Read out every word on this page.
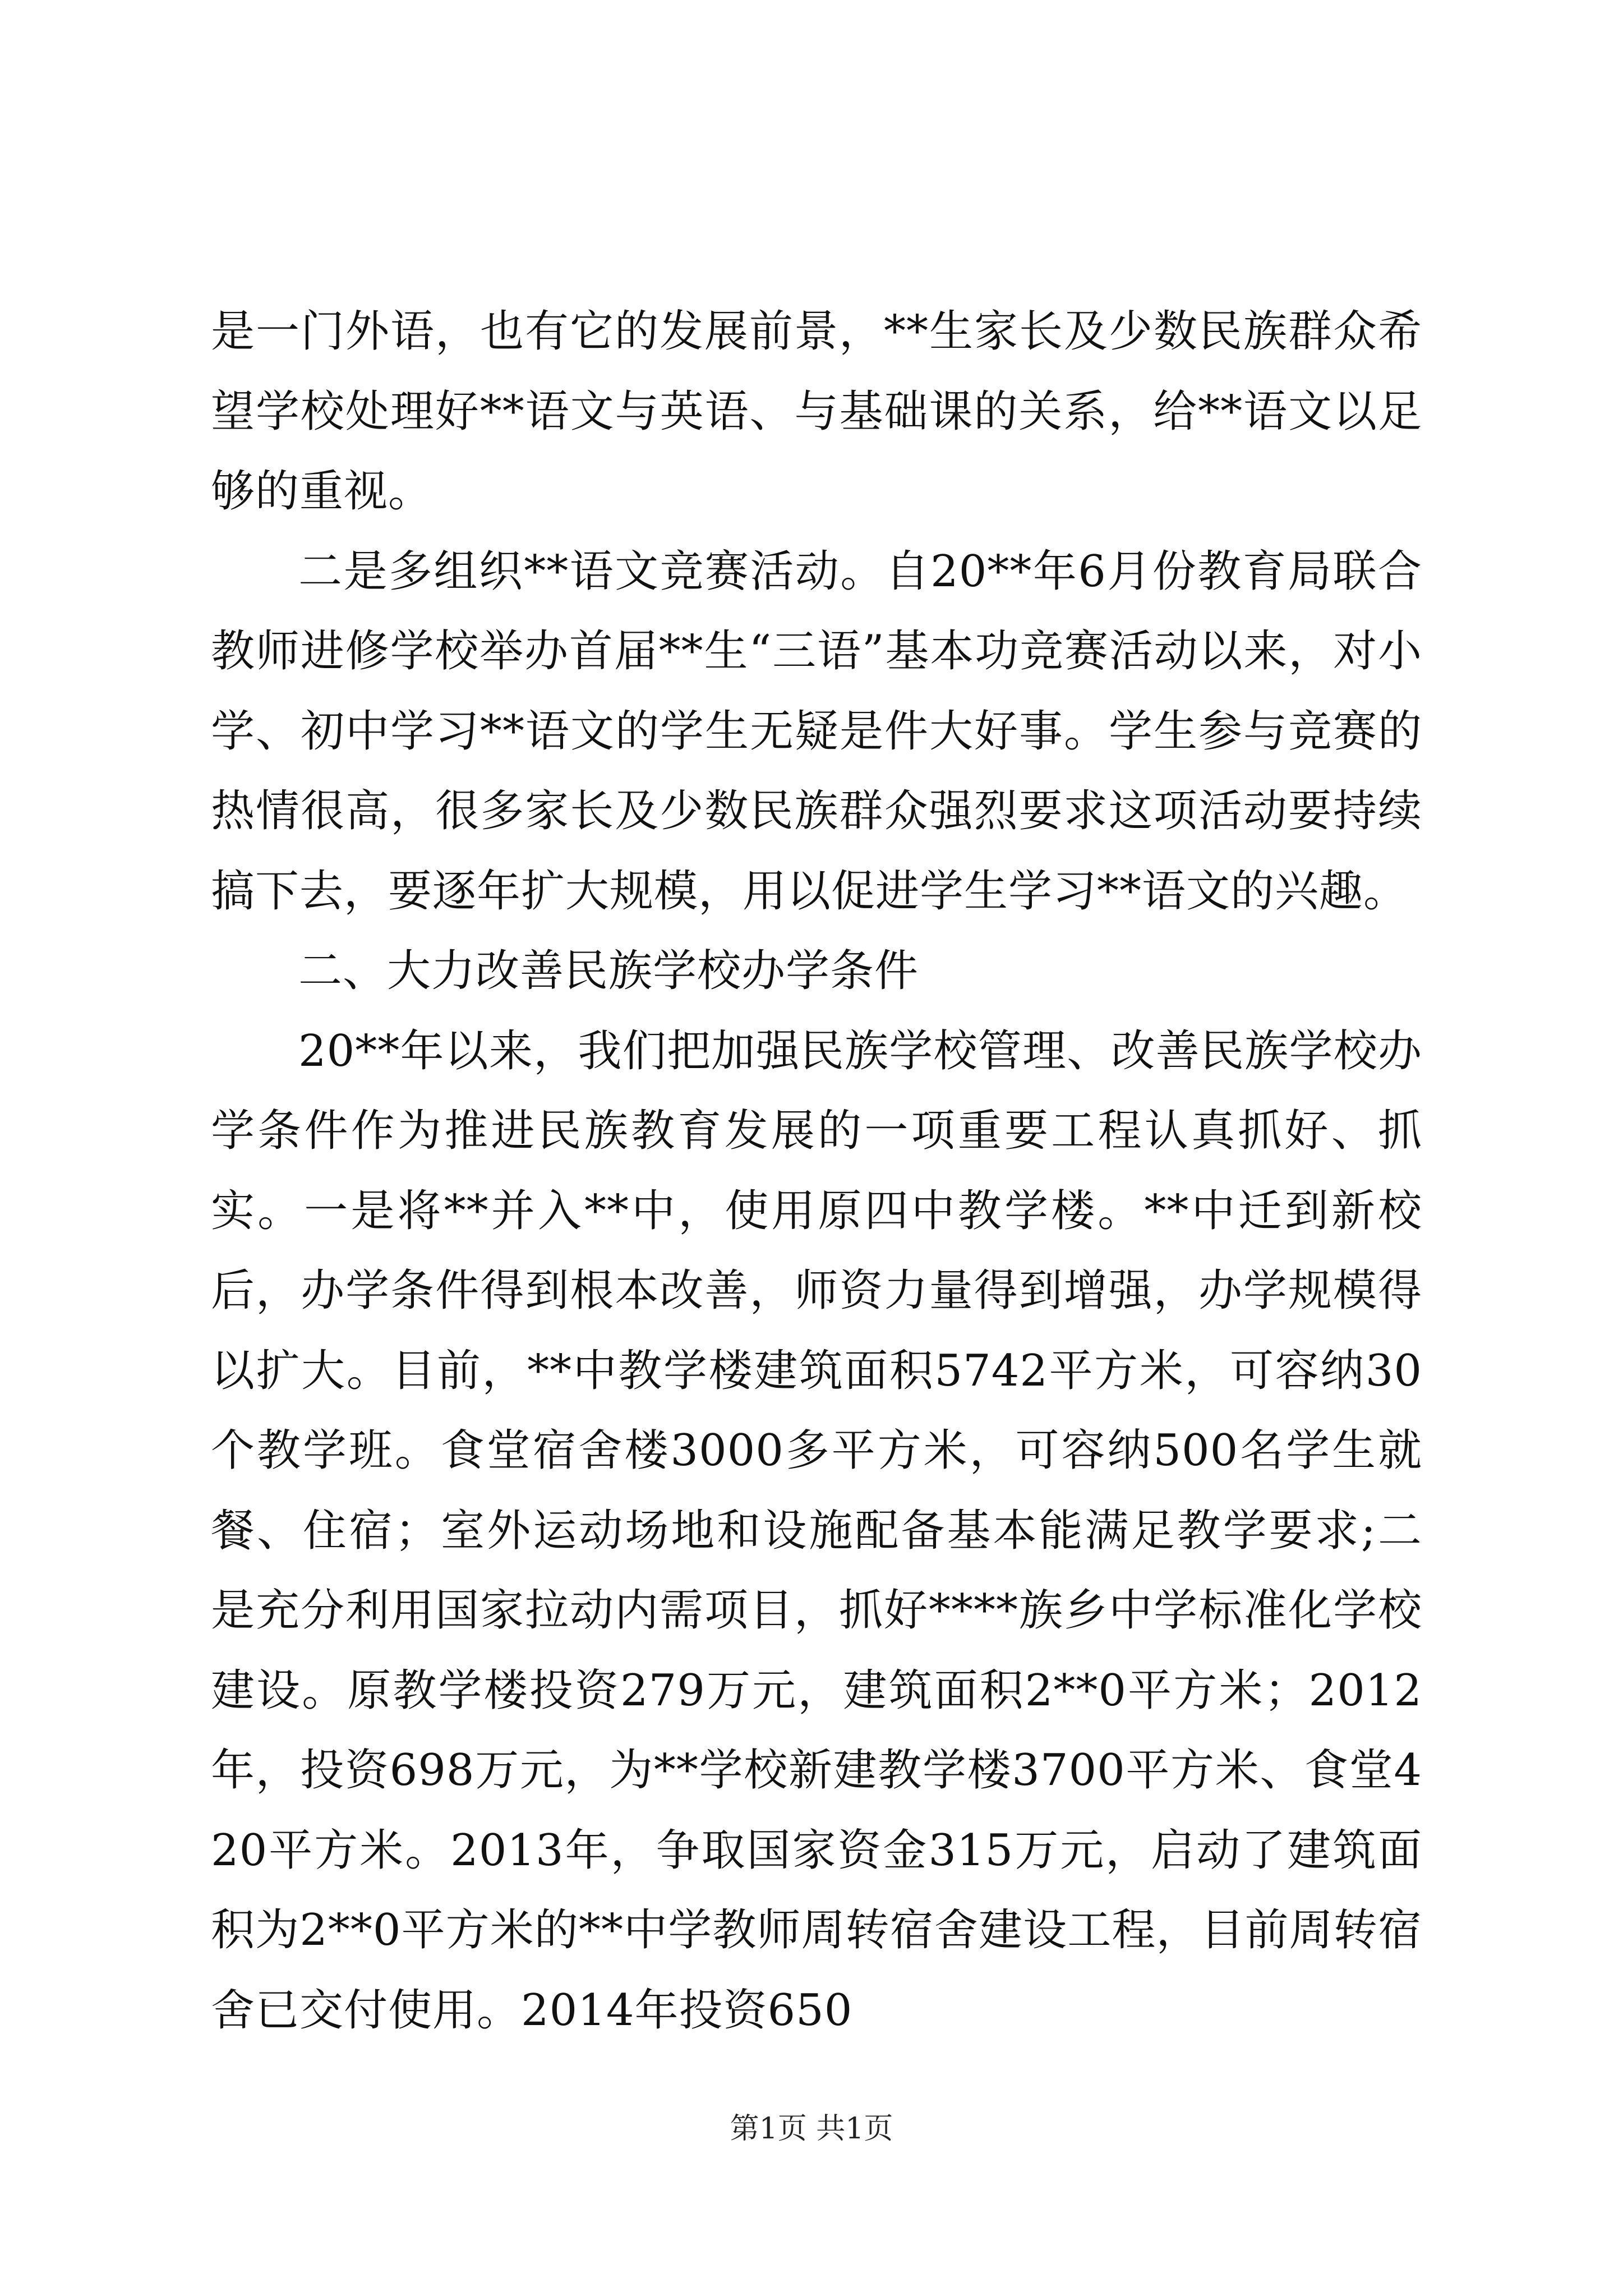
是一门外语，也有它的发展前景，**生家长及少数民族群众希望学校处理好**语文与英语、与基础课的关系，给**语文以足够的重视。

二是多组织**语文竞赛活动。自20**年6月份教育局联合教师进修学校举办首届**生“三语”基本功竞赛活动以来，对小学、初中学习**语文的学生无疑是件大好事。学生参与竞赛的热情很高，很多家长及少数民族群众强烈要求这项活动要持续搞下去，要逐年扩大规模，用以促进学生学习**语文的兴趣。

二、大力改善民族学校办学条件

20**年以来，我们把加强民族学校管理、改善民族学校办学条件作为推进民族教育发展的一项重要工程认真抓好、抓实。一是将**并入**中，使用原四中教学楼。**中迁到新校后，办学条件得到根本改善，师资力量得到增强，办学规模得以扩大。目前，**中教学楼建筑面积5742平方米，可容纳30个教学班。食堂宿舍楼3000多平方米，可容纳500名学生就餐、住宿；室外运动场地和设施配备基本能满足教学要求;二是充分利用国家拉动内需项目，抓好****族乡中学标准化学校建设。原教学楼投资279万元，建筑面积2**0平方米；2012年，投资698万元，为**学校新建教学楼3700平方米、食堂420平方米。2013年，争取国家资金315万元，启动了建筑面积为2**0平方米的**中学教师周转宿舍建设工程，目前周转宿舍已交付使用。2014年投资650

第1页 共1页
